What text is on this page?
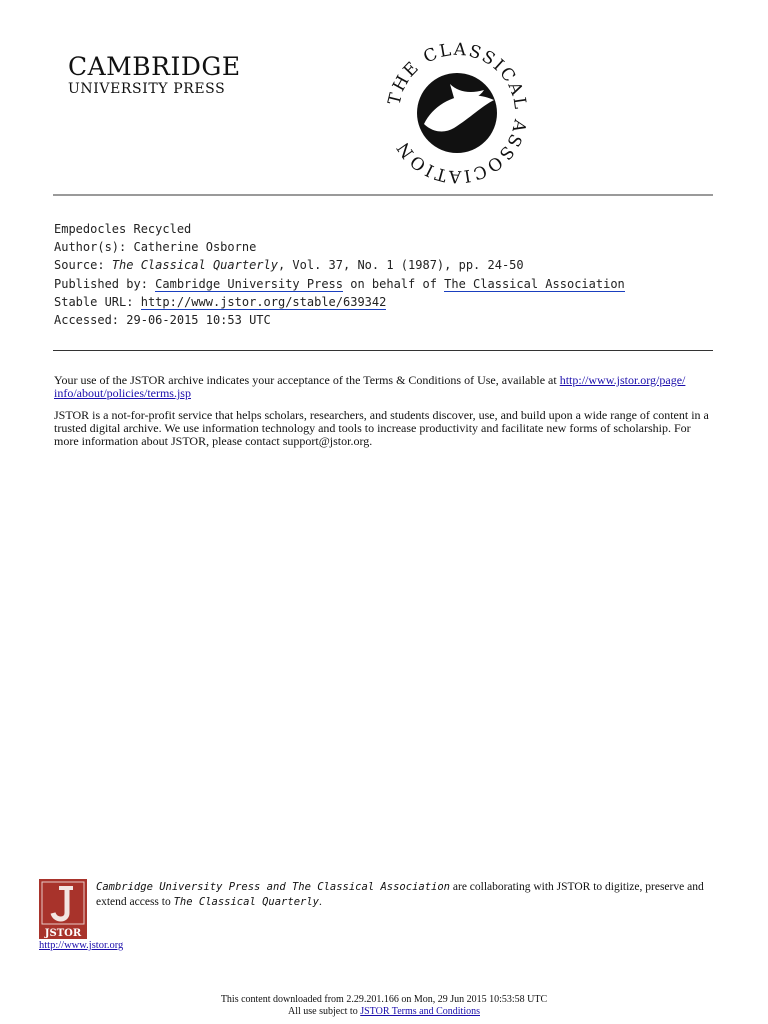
CAMBRIDGE
UNIVERSITY PRESS
THE CLASSICAL ASSOCIATION
Empedocles Recycled
Author(s): Catherine Osborne
Source: The Classical Quarterly, Vol. 37, No. 1 (1987), pp. 24-50
Published by: Cambridge University Press on behalf of The Classical Association
Stable URL: http://www.jstor.org/stable/639342
Accessed: 29-06-2015 10:53 UTC

Your use of the JSTOR archive indicates your acceptance of the Terms & Conditions of Use, available at http://www.jstor.org/page/
info/about/policies/terms.jsp

JSTOR is a not-for-profit service that helps scholars, researchers, and students discover, use, and build upon a wide range of content in a trusted digital archive. We use information technology and tools to increase productivity and facilitate new forms of scholarship. For more information about JSTOR, please contact support@jstor.org.

JSTOR
Cambridge University Press and The Classical Association are collaborating with JSTOR to digitize, preserve and extend access to The Classical Quarterly.
http://www.jstor.org
This content downloaded from 2.29.201.166 on Mon, 29 Jun 2015 10:53:58 UTC
All use subject to JSTOR Terms and Conditions
